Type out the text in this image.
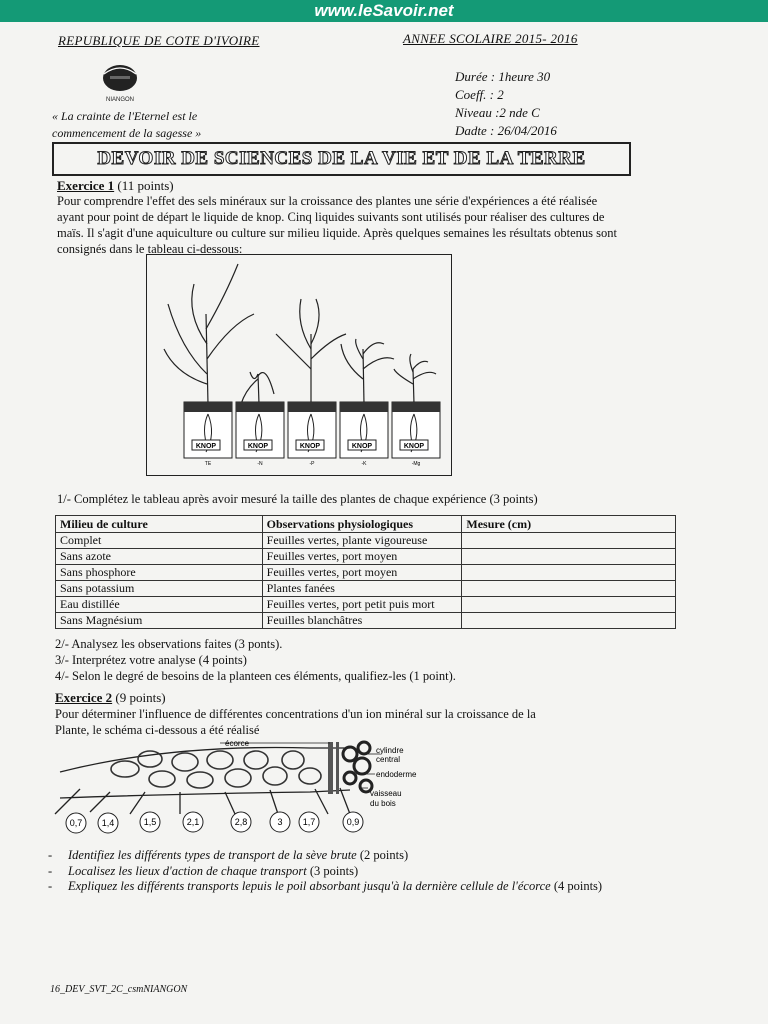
www.leSavoir.net
REPUBLIQUE DE COTE D'IVOIRE	ANNEE SCOLAIRE 2015- 2016
NIANGON
Durée : 1heure 30
Coeff. : 2
Niveau :2 nde C
Dadte : 26/04/2016
« La crainte de l'Eternel est le
commencement de la sagesse »
DEVOIR DE SCIENCES DE LA VIE ET DE LA TERRE
Exercice 1 (11 points)
Pour comprendre l'effet des sels minéraux sur la croissance des plantes une série d'expériences a été réalisée
ayant pour point de départ le liquide de knop. Cinq liquides suivants sont utilisés pour réaliser des cultures de
maïs. Il s'agit d'une aquiculture ou culture sur milieu liquide. Après quelques semaines les résultats obtenus sont
consignés dans le tableau ci-dessous:
KNOP	KNOP	KNOP	KNOP	KNOP
TE	-N	-P	-K	-Mg
1/- Complétez le tableau après avoir mesuré la taille des plantes de chaque expérience (3 points)
Milieu de culture	Observations physiologiques	Mesure (cm)
Complet	Feuilles vertes, plante vigoureuse	
Sans azote	Feuilles vertes, port moyen	
Sans phosphore	Feuilles vertes, port moyen	
Sans potassium	Plantes fanées	
Eau distillée	Feuilles vertes, port petit puis mort	
Sans Magnésium	Feuilles blanchâtres	
2/- Analysez les observations faites (3 ponts).
3/- Interprétez votre analyse (4 points)
4/- Selon le degré de besoins de la planteen ces éléments, qualifiez-les (1 point).
Exercice 2 (9 points)
Pour déterminer l'influence de différentes concentrations d'un ion minéral sur la croissance de la
Plante, le schéma ci-dessous a été réalisé
écorce
cylindre
central
endoderme
vaisseau
du bois
0,7 1,4	1,5	2,1	2,8	3 1,7	0,9
- Identifiez les différents types de transport de la sève brute (2 points)
- Localisez les lieux d'action de chaque transport (3 points)
- Expliquez les différents transports lepuis le poil absorbant jusqu'à la dernière cellule de l'écorce (4 points)
16_DEV_SVT_2C_csmNIANGON
